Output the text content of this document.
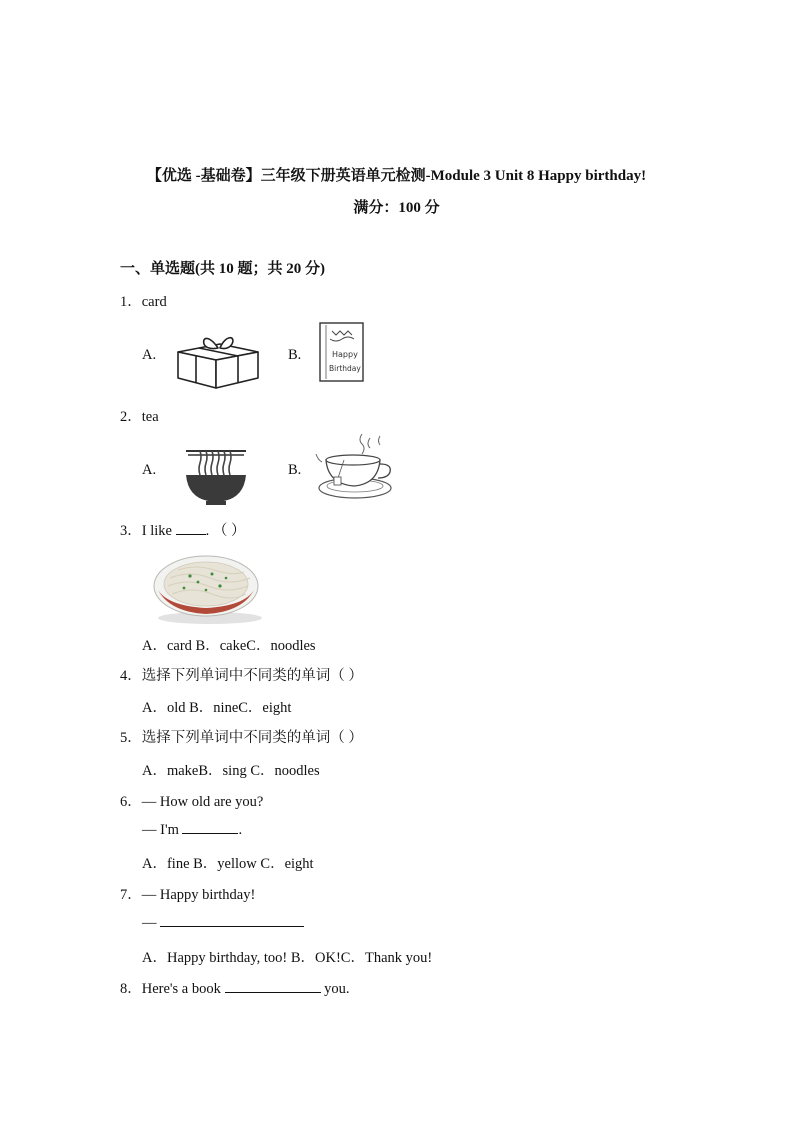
【优选 -基础卷】三年级下册英语单元检测-Module 3 Unit 8 Happy birthday!
满分：100 分
一、单选题(共 10 题；共 20 分)
1．card
A.	B.	Happy
Birthday
2．tea
A.	B.
3．I like . （ ）
A．card B．cakeC．noodles
4．选择下列单词中不同类的单词（ ）
A．old B．nineC．eight
5．选择下列单词中不同类的单词（ ）
A．makeB．sing C．noodles
6．— How old are you?
— I'm	.
A．fine B．yellow C．eight
7．— Happy birthday!
—
A．Happy birthday, too! B．OK!C．Thank you!
8．Here's a book	you.
